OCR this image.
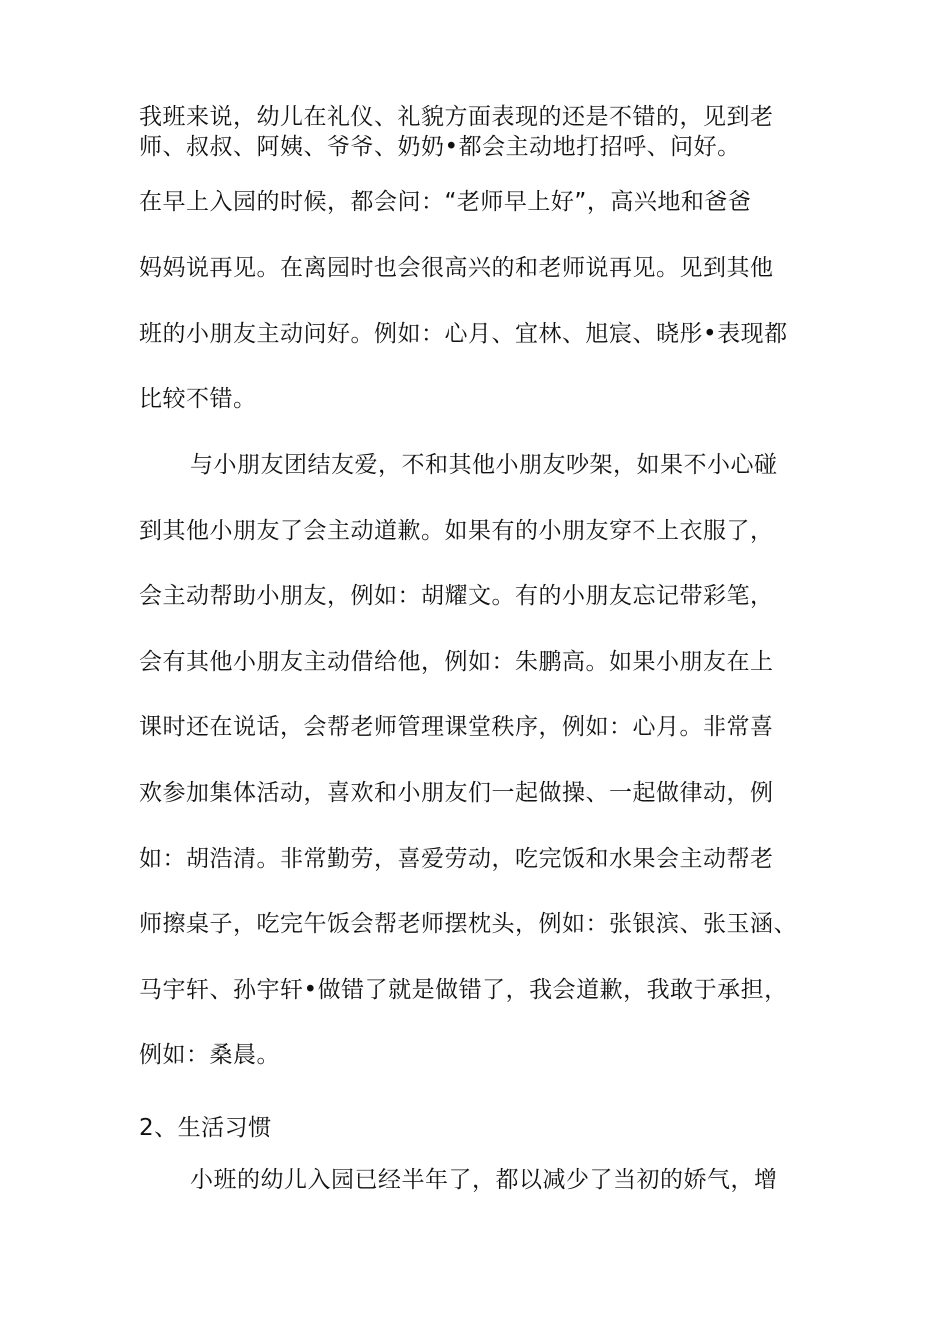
我班来说，幼儿在礼仪、礼貌方面表现的还是不错的，见到老
师、叔叔、阿姨、爷爷、奶奶•都会主动地打招呼、问好。
在早上入园的时候，都会问：“老师早上好”，高兴地和爸爸
妈妈说再见。在离园时也会很高兴的和老师说再见。见到其他
班的小朋友主动问好。例如：心月、宜林、旭宸、晓彤•表现都
比较不错。
与小朋友团结友爱，不和其他小朋友吵架，如果不小心碰
到其他小朋友了会主动道歉。如果有的小朋友穿不上衣服了，
会主动帮助小朋友，例如：胡耀文。有的小朋友忘记带彩笔，
会有其他小朋友主动借给他，例如：朱鹏高。如果小朋友在上
课时还在说话，会帮老师管理课堂秩序，例如：心月。非常喜
欢参加集体活动，喜欢和小朋友们一起做操、一起做律动，例
如：胡浩清。非常勤劳，喜爱劳动，吃完饭和水果会主动帮老
师擦桌子，吃完午饭会帮老师摆枕头，例如：张银滨、张玉涵、
马宇轩、孙宇轩•做错了就是做错了，我会道歉，我敢于承担，
例如：桑晨。
2、生活习惯
小班的幼儿入园已经半年了，都以减少了当初的娇气，增
